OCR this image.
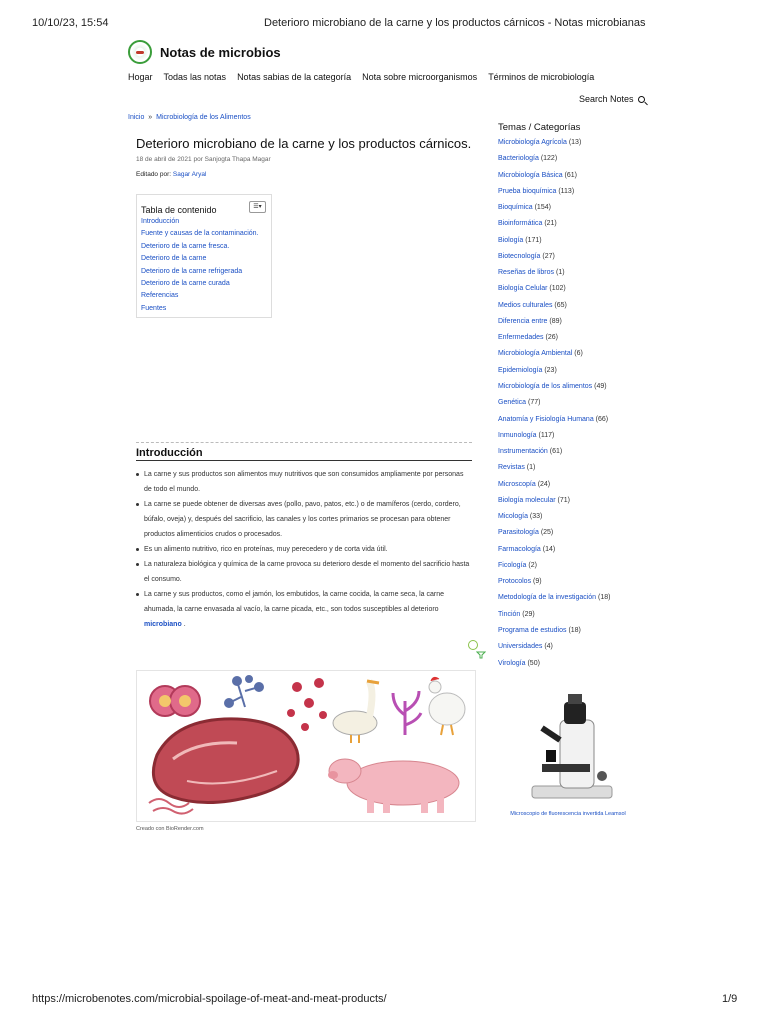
10/10/23, 15:54	Deterioro microbiano de la carne y los productos cárnicos - Notas microbianas
Notas de microbios
Hogar Todas las notas Notas sabias de la categoría Nota sobre microorganismos Términos de microbiología
Search Notes
Inicio » Microbiología de los Alimentos
Deterioro microbiano de la carne y los productos cárnicos.
18 de abril de 2021 por Sanjogta Thapa Magar
Editado por: Sagar Aryal
Tabla de contenido	☰▾
Introducción
Fuente y causas de la contaminación.
Deterioro de la carne fresca.
Deterioro de la carne
Deterioro de la carne refrigerada
Deterioro de la carne curada
Referencias
Fuentes
Introducción
La carne y sus productos son alimentos muy nutritivos que son consumidos ampliamente por personas de todo el mundo.
La carne se puede obtener de diversas aves (pollo, pavo, patos, etc.) o de mamíferos (cerdo, cordero, búfalo, oveja) y, después del sacrificio, las canales y los cortes primarios se procesan para obtener productos alimenticios crudos o procesados.
Es un alimento nutritivo, rico en proteínas, muy perecedero y de corta vida útil.
La naturaleza biológica y química de la carne provoca su deterioro desde el momento del sacrificio hasta el consumo.
La carne y sus productos, como el jamón, los embutidos, la carne cocida, la carne seca, la carne ahumada, la carne envasada al vacío, la carne picada, etc., son todos susceptibles al deterioro microbiano .
Creado con BioRender.com
Temas / Categorías
Microbiología Agrícola (13)
Bacteriología (122)
Microbiología Básica (61)
Prueba bioquímica (113)
Bioquímica (154)
Bioinformática (21)
Biología (171)
Biotecnología (27)
Reseñas de libros (1)
Biología Celular (102)
Medios culturales (65)
Diferencia entre (89)
Enfermedades (26)
Microbiología Ambiental (6)
Epidemiología (23)
Microbiología de los alimentos (49)
Genética (77)
Anatomía y Fisiología Humana (66)
Inmunología (117)
Instrumentación (61)
Revistas (1)
Microscopía (24)
Biología molecular (71)
Micología (33)
Parasitología (25)
Farmacología (14)
Ficología (2)
Protocolos (9)
Metodología de la investigación (18)
Tinción (29)
Programa de estudios (18)
Universidades (4)
Virología (50)
Microscopio de fluorescencia invertida Leamsol
https://microbenotes.com/microbial-spoilage-of-meat-and-meat-products/	1/9
